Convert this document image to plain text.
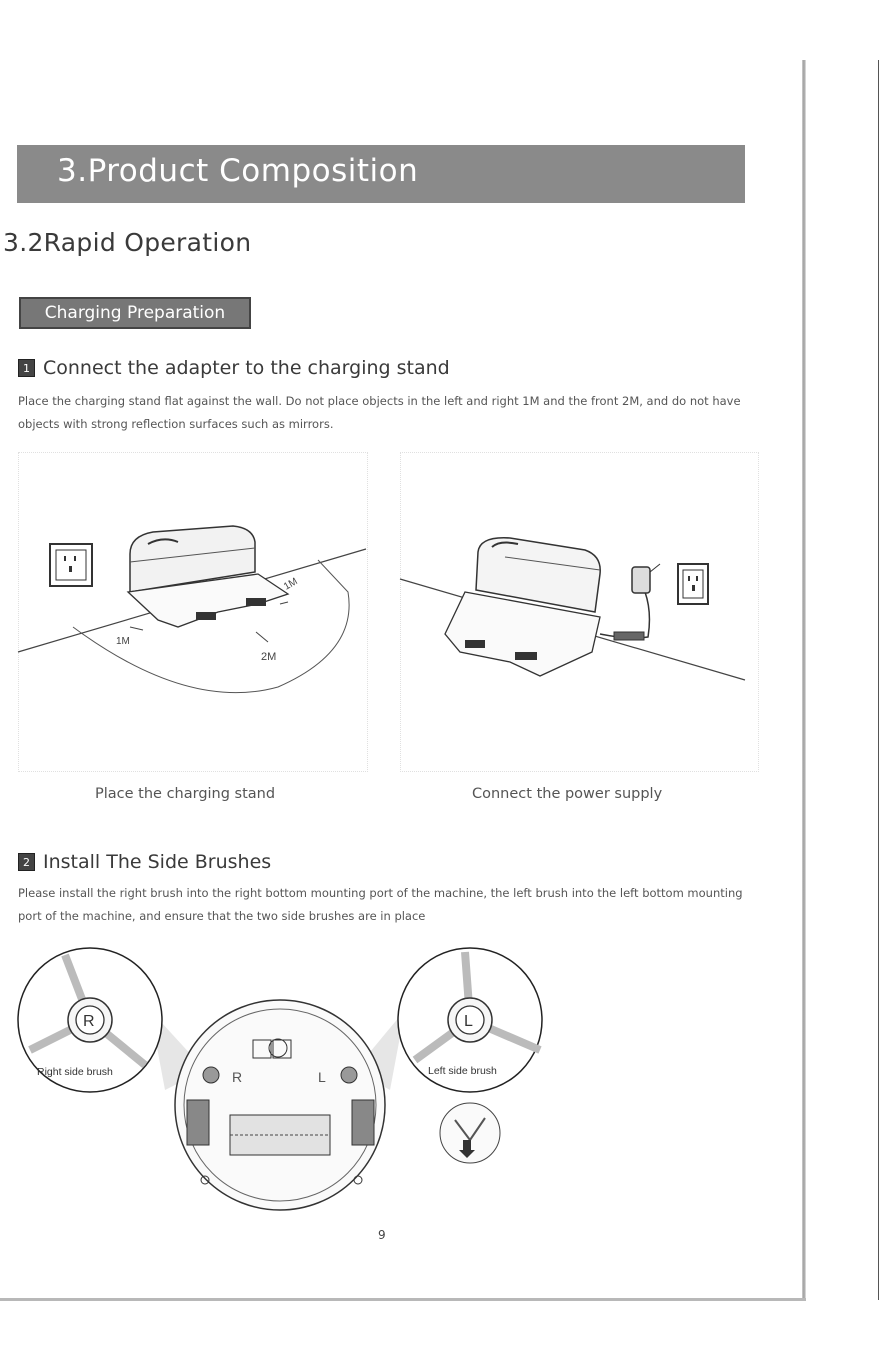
3.Product Composition
3.2Rapid Operation
Charging Preparation
1 Connect the adapter to the charging stand
Place the charging stand flat against the wall. Do not place objects in the left and right 1M and the front 2M, and do not have objects with strong reflection surfaces such as mirrors.
1M
1M
2M
Place the charging stand	Connect the power supply
2 Install The Side Brushes
Please install the right brush into the right bottom mounting port of the machine, the left brush into the left bottom mounting port of the machine, and ensure that the two side brushes are in place
R	L
R
Right side brush
L
Left side brush
9
